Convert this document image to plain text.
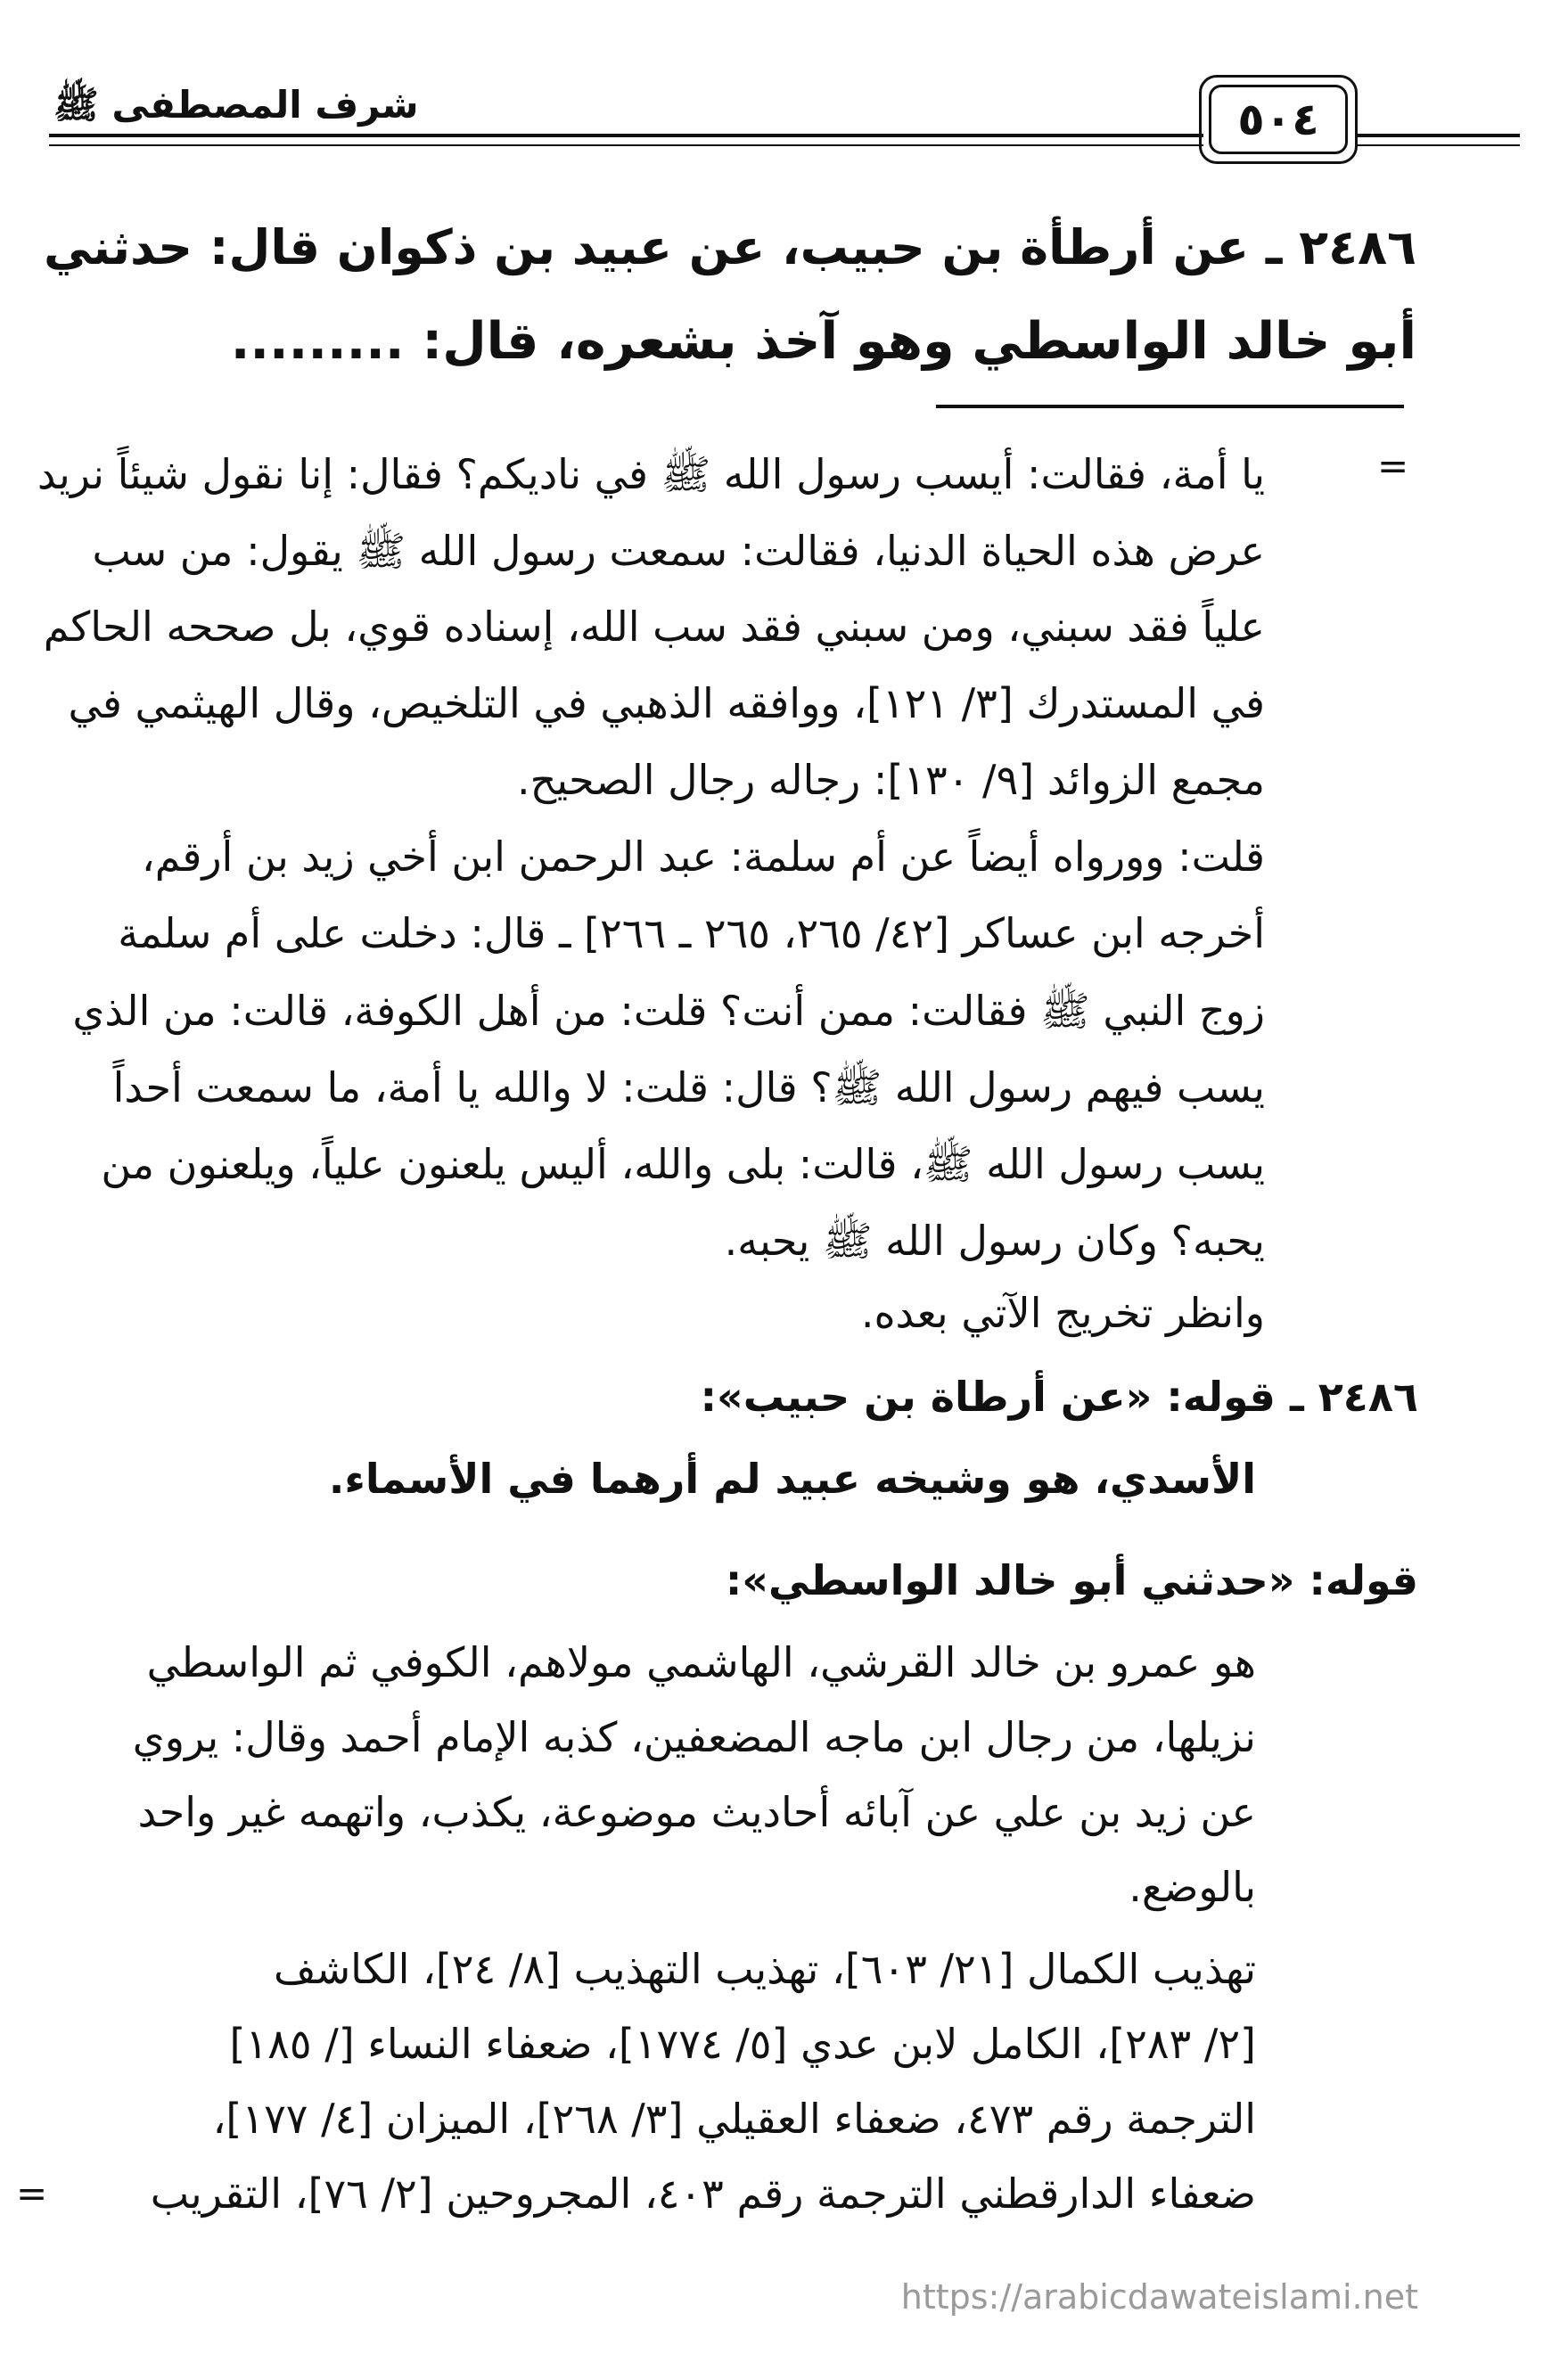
شرف المصطفى ﷺ	٥٠٤
٢٤٨٦ ـ عن أرطأة بن حبيب، عن عبيد بن ذكوان قال: حدثني
أبو خالد الواسطي وهو آخذ بشعره، قال: .........
=
يا أمة، فقالت: أيسب رسول الله ﷺ في ناديكم؟ فقال: إنا نقول شيئاً نريد
عرض هذه الحياة الدنيا، فقالت: سمعت رسول الله ﷺ يقول: من سب
علياً فقد سبني، ومن سبني فقد سب الله، إسناده قوي، بل صححه الحاكم
في المستدرك [٣/ ١٢١]، ووافقه الذهبي في التلخيص، وقال الهيثمي في
مجمع الزوائد [٩/ ١٣٠]: رجاله رجال الصحيح.
قلت: وورواه أيضاً عن أم سلمة: عبد الرحمن ابن أخي زيد بن أرقم،
أخرجه ابن عساكر [٤٢/ ٢٦٥، ٢٦٥ ـ ٢٦٦] ـ قال: دخلت على أم سلمة
زوج النبي ﷺ فقالت: ممن أنت؟ قلت: من أهل الكوفة، قالت: من الذي
يسب فيهم رسول الله ﷺ؟ قال: قلت: لا والله يا أمة، ما سمعت أحداً
يسب رسول الله ﷺ، قالت: بلى والله، أليس يلعنون علياً، ويلعنون من
يحبه؟ وكان رسول الله ﷺ يحبه.
وانظر تخريج الآتي بعده.
٢٤٨٦ ـ قوله: «عن أرطاة بن حبيب»:
الأسدي، هو وشيخه عبيد لم أرهما في الأسماء.
قوله: «حدثني أبو خالد الواسطي»:
هو عمرو بن خالد القرشي، الهاشمي مولاهم، الكوفي ثم الواسطي
نزيلها، من رجال ابن ماجه المضعفين، كذبه الإمام أحمد وقال: يروي
عن زيد بن علي عن آبائه أحاديث موضوعة، يكذب، واتهمه غير واحد
بالوضع.
تهذيب الكمال [٢١/ ٦٠٣]، تهذيب التهذيب [٨/ ٢٤]، الكاشف
[٢/ ٢٨٣]، الكامل لابن عدي [٥/ ١٧٧٤]، ضعفاء النساء [/ ١٨٥]
الترجمة رقم ٤٧٣، ضعفاء العقيلي [٣/ ٢٦٨]، الميزان [٤/ ١٧٧]،
ضعفاء الدارقطني الترجمة رقم ٤٠٣، المجروحين [٢/ ٧٦]، التقريب
=
https://arabicdawateislami.net
